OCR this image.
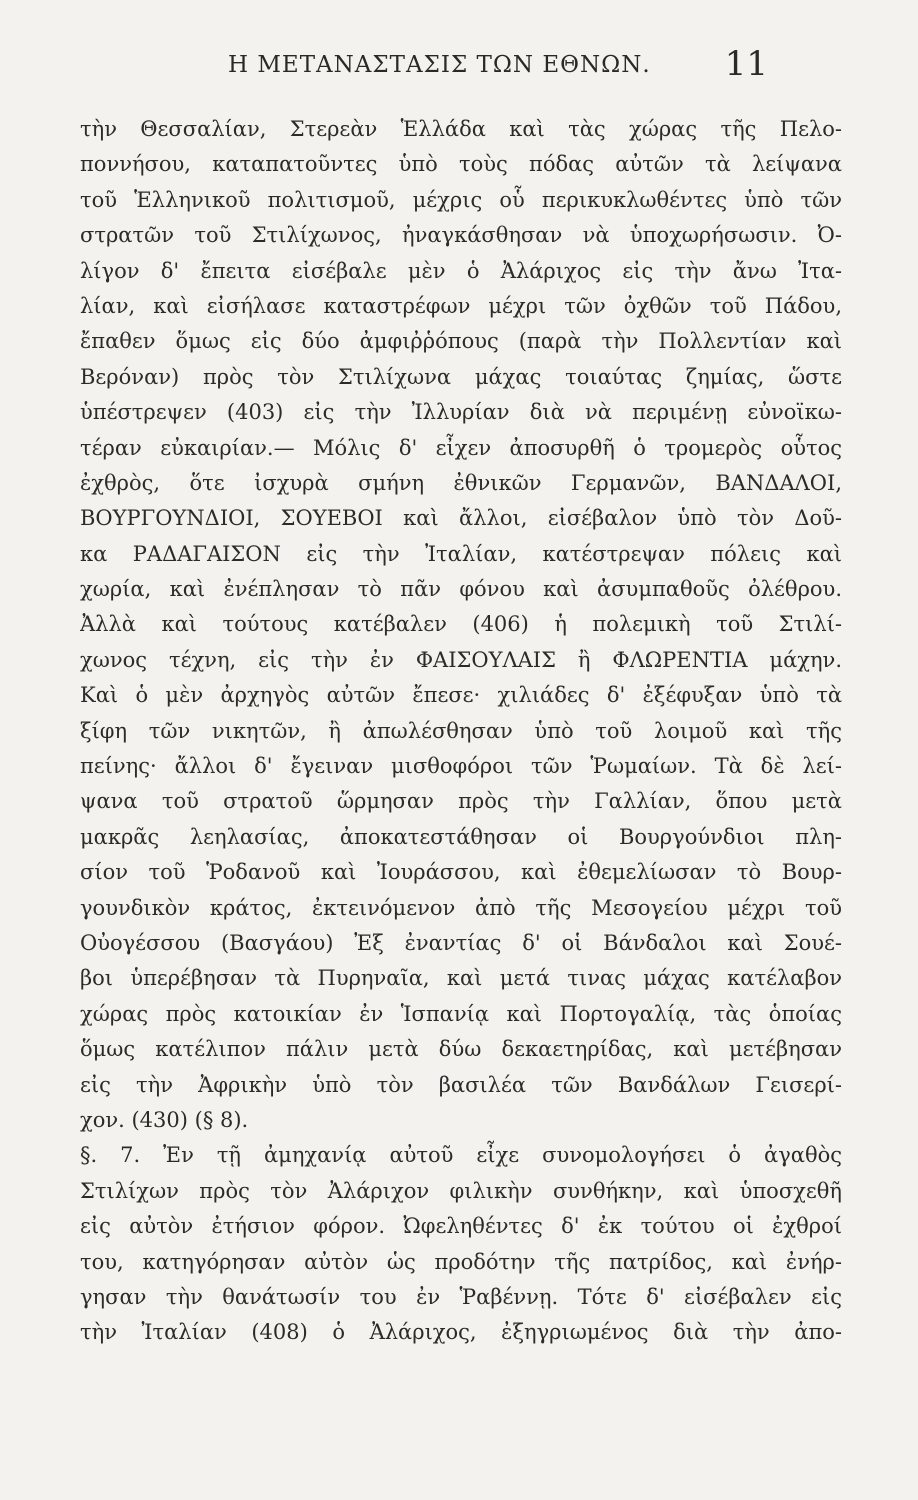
Η ΜΕΤΑΝΑΣΤΑΣΙΣ ΤΩΝ ΕΘΝΩΝ. 11
τὴν Θεσσαλίαν, Στερεὰν Ἑλλάδα καὶ τὰς χώρας τῆς Πελο-
ποννήσου, καταπατοῦντες ὑπὸ τοὺς πόδας αὐτῶν τὰ λείψανα
τοῦ Ἑλληνικοῦ πολιτισμοῦ, μέχρις οὗ περικυκλωθέντες ὑπὸ τῶν
στρατῶν τοῦ Στιλίχωνος, ἠναγκάσθησαν νὰ ὑποχωρήσωσιν. Ὀ-
λίγον δ' ἔπειτα εἰσέβαλε μὲν ὁ Ἀλάριχος εἰς τὴν ἄνω Ἰτα-
λίαν, καὶ εἰσήλασε καταστρέφων μέχρι τῶν ὀχθῶν τοῦ Πάδου,
ἔπαθεν ὅμως εἰς δύο ἀμφιῤῥόπους (παρὰ τὴν Πολλεντίαν καὶ
Βερόναν) πρὸς τὸν Στιλίχωνα μάχας τοιαύτας ζημίας, ὥστε
ὑπέστρεψεν (403) εἰς τὴν Ἰλλυρίαν διὰ νὰ περιμένῃ εὐνοϊκω-
τέραν εὐκαιρίαν.— Μόλις δ' εἶχεν ἀποσυρθῆ ὁ τρομερὸς οὗτος
ἐχθρὸς, ὅτε ἰσχυρὰ σμήνη ἐθνικῶν Γερμανῶν, ΒΑΝΔΑΛΟΙ,
ΒΟΥΡΓΟΥΝΔΙΟΙ, ΣΟΥΕΒΟΙ καὶ ἄλλοι, εἰσέβαλον ὑπὸ τὸν Δοῦ-
κα ΡΑΔΑΓΑΙΣΟΝ εἰς τὴν Ἰταλίαν, κατέστρεψαν πόλεις καὶ
χωρία, καὶ ἐνέπλησαν τὸ πᾶν φόνου καὶ ἀσυμπαθοῦς ὀλέθρου.
Ἀλλὰ καὶ τούτους κατέβαλεν (406) ἡ πολεμικὴ τοῦ Στιλί-
χωνος τέχνη, εἰς τὴν ἐν ΦΑΙΣΟΥΛΑΙΣ ἢ ΦΛΩΡΕΝΤΙΑ μάχην.
Καὶ ὁ μὲν ἀρχηγὸς αὐτῶν ἔπεσε· χιλιάδες δ' ἐξέφυξαν ὑπὸ τὰ
ξίφη τῶν νικητῶν, ἢ ἀπωλέσθησαν ὑπὸ τοῦ λοιμοῦ καὶ τῆς
πείνης· ἄλλοι δ' ἔγειναν μισθοφόροι τῶν Ῥωμαίων. Τὰ δὲ λεί-
ψανα τοῦ στρατοῦ ὥρμησαν πρὸς τὴν Γαλλίαν, ὅπου μετὰ
μακρᾶς λεηλασίας, ἀποκατεστάθησαν οἱ Βουργούνδιοι πλη-
σίον τοῦ Ῥοδανοῦ καὶ Ἰουράσσου, καὶ ἐθεμελίωσαν τὸ Βουρ-
γουνδικὸν κράτος, ἐκτεινόμενον ἀπὸ τῆς Μεσογείου μέχρι τοῦ
Οὐογέσσου (Βασγάου) Ἐξ ἐναντίας δ' οἱ Βάνδαλοι καὶ Σουέ-
βοι ὑπερέβησαν τὰ Πυρηναῖα, καὶ μετά τινας μάχας κατέλαβον
χώρας πρὸς κατοικίαν ἐν Ἱσπανίᾳ καὶ Πορτογαλίᾳ, τὰς ὁποίας
ὅμως κατέλιπον πάλιν μετὰ δύω δεκαετηρίδας, καὶ μετέβησαν
εἰς τὴν Ἀφρικὴν ὑπὸ τὸν βασιλέα τῶν Βανδάλων Γεισερί-
χον. (430) (§ 8).
§. 7. Ἐν τῇ ἀμηχανίᾳ αὐτοῦ εἶχε συνομολογήσει ὁ ἀγαθὸς
Στιλίχων πρὸς τὸν Ἀλάριχον φιλικὴν συνθήκην, καὶ ὑποσχεθῆ
εἰς αὐτὸν ἐτήσιον φόρον. Ὠφεληθέντες δ' ἐκ τούτου οἱ ἐχθροί
του, κατηγόρησαν αὐτὸν ὡς προδότην τῆς πατρίδος, καὶ ἐνήρ-
γησαν τὴν θανάτωσίν του ἐν Ῥαβέννῃ. Τότε δ' εἰσέβαλεν εἰς
τὴν Ἰταλίαν (408) ὁ Ἀλάριχος, ἐξηγριωμένος διὰ τὴν ἀπο-
